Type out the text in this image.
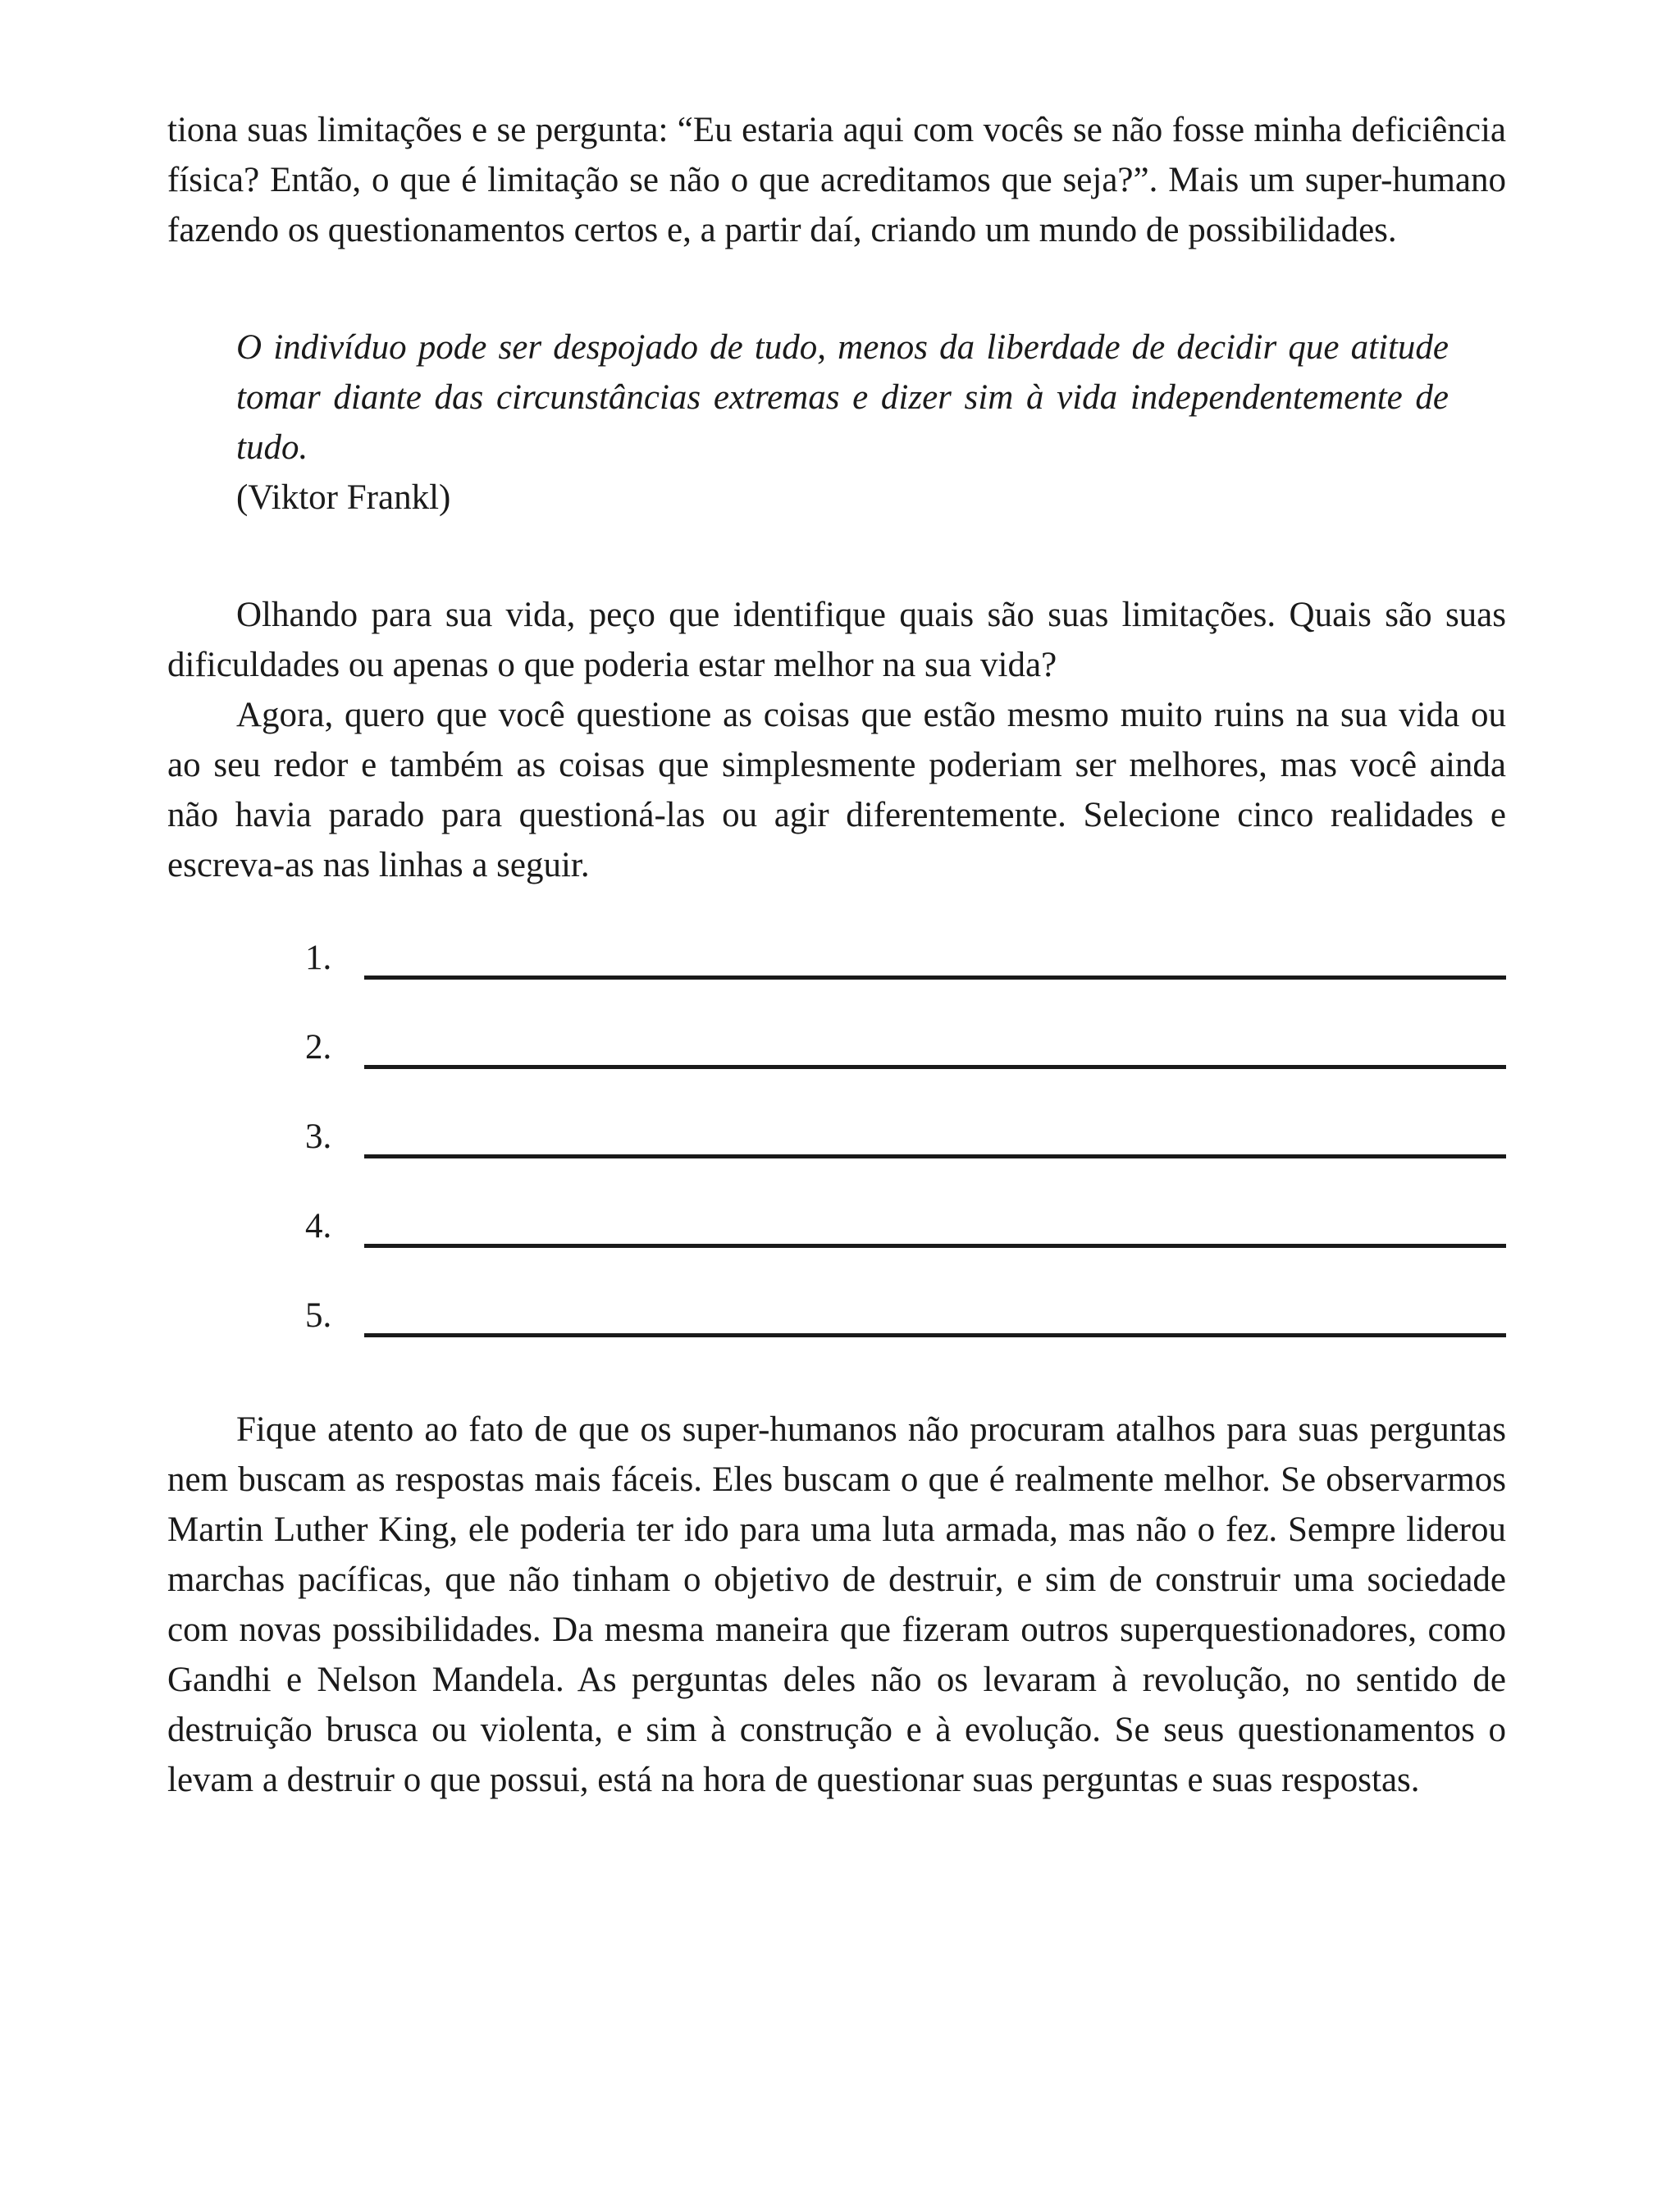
tiona suas limitações e se pergunta: “Eu estaria aqui com vocês se não fosse minha deficiência física? Então, o que é limitação se não o que acreditamos que seja?”. Mais um super-humano fazendo os questionamentos certos e, a partir daí, criando um mundo de possibilidades.

O indivíduo pode ser despojado de tudo, menos da liberdade de decidir que atitude tomar diante das circunstâncias extremas e dizer sim à vida independentemente de tudo.

(Viktor Frankl)

Olhando para sua vida, peço que identifique quais são suas limitações. Quais são suas dificuldades ou apenas o que poderia estar melhor na sua vida?

Agora, quero que você questione as coisas que estão mesmo muito ruins na sua vida ou ao seu redor e também as coisas que simplesmente poderiam ser melhores, mas você ainda não havia parado para questioná-las ou agir diferentemente. Selecione cinco realidades e escreva-as nas linhas a seguir.

1.
2.
3.
4.
5.

Fique atento ao fato de que os super-humanos não procuram atalhos para suas perguntas nem buscam as respostas mais fáceis. Eles buscam o que é realmente melhor. Se observarmos Martin Luther King, ele poderia ter ido para uma luta armada, mas não o fez. Sempre liderou marchas pacíficas, que não tinham o objetivo de destruir, e sim de construir uma sociedade com novas possibilidades. Da mesma maneira que fizeram outros superquestionadores, como Gandhi e Nelson Mandela. As perguntas deles não os levaram à revolução, no sentido de destruição brusca ou violenta, e sim à construção e à evolução. Se seus questionamentos o levam a destruir o que possui, está na hora de questionar suas perguntas e suas respostas.
